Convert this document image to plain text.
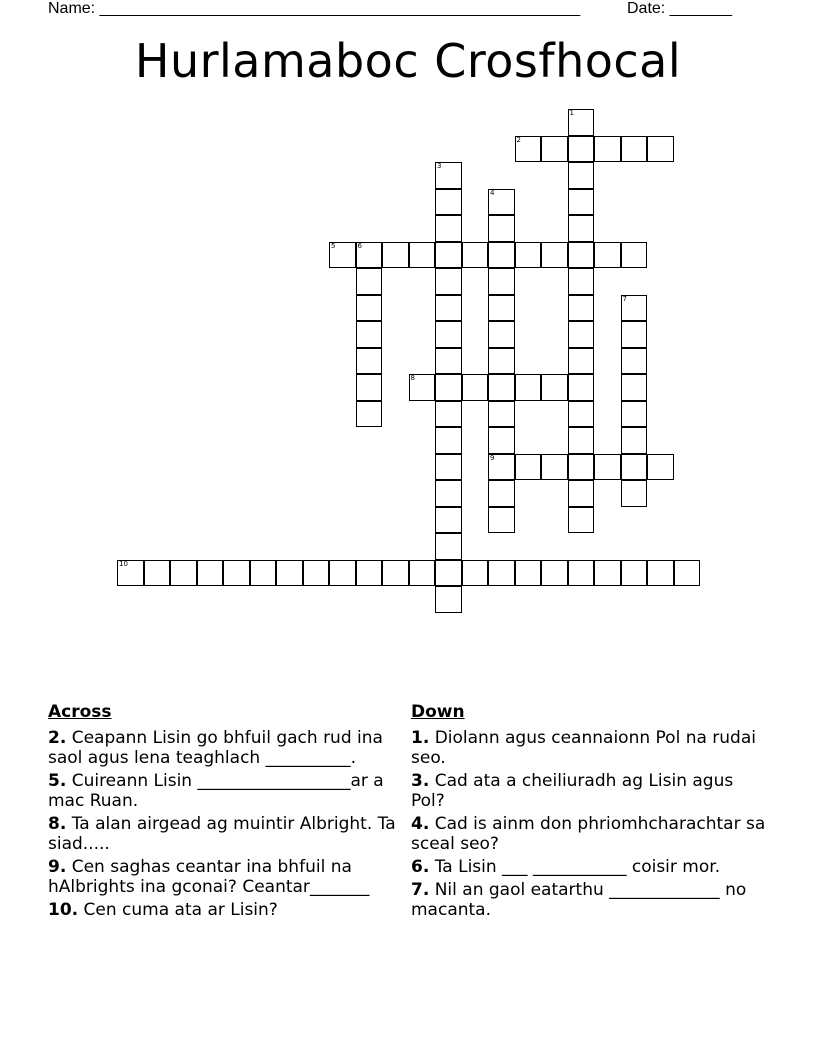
Name: ______________________________________________________	Date: _______
Hurlamaboc Crosfhocal
1
2
3
4
9
5	6
7
8
10
Across
2. Ceapann Lisin go bhfuil gach rud ina saol agus lena teaghlach __________.
5. Cuireann Lisin __________________ar a mac Ruan.
8. Ta alan airgead ag muintir Albright. Ta siad.....
9. Cen saghas ceantar ina bhfuil na hAlbrights ina gconai? Ceantar_______
10. Cen cuma ata ar Lisin?
Down
1. Diolann agus ceannaionn Pol na rudai seo.
3. Cad ata a cheiliuradh ag Lisin agus Pol?
4. Cad is ainm don phriomhcharachtar sa sceal seo?
6. Ta Lisin ___ ___________ coisir mor.
7. Nil an gaol eatarthu _____________ no macanta.
